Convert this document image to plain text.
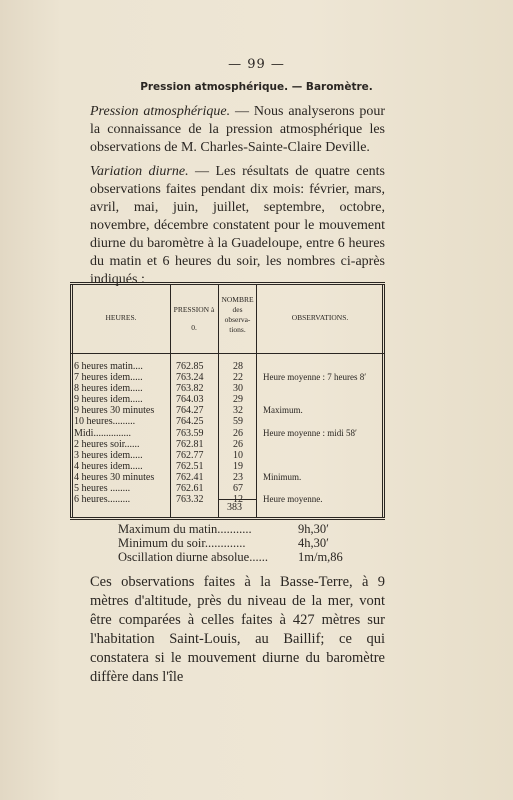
— 99 —
Pression atmosphérique. — Baromètre.
Pression atmosphérique. — Nous analyserons pour la connaissance de la pression atmosphérique les observations de M. Charles-Sainte-Claire Deville.
Variation diurne. — Les résultats de quatre cents observations faites pendant dix mois: février, mars, avril, mai, juin, juillet, septembre, octobre, novembre, décembre constatent pour le mouvement diurne du baromètre à la Guadeloupe, entre 6 heures du matin et 6 heures du soir, les nombres ci-après indiqués :
HEURES.
PRESSION à 0.
NOMBRE des observa- tions.
OBSERVATIONS.
6 heures matin....
7 heures idem.....
8 heures idem.....
9 heures idem.....
9 heures 30 minutes
10 heures.........
Midi...............
2 heures soir......
3 heures idem.....
4 heures idem.....
4 heures 30 minutes
5 heures ........
6 heures.........
762.85
763.24
763.82
764.03
764.27
764.25
763.59
762.81
762.77
762.51
762.41
762.61
763.32
28
22
30
29
32
59
26
26
10
19
23
67
12

Heure moyenne : 7 heures 8′

Maximum.

Heure moyenne : midi 58′

Minimum.

Heure moyenne.
383
Maximum du matin...........	9h,30′
Minimum du soir.............	4h,30′
Oscillation diurne absolue...... 1m/m,86
Ces observations faites à la Basse-Terre, à 9 mètres d'altitude, près du niveau de la mer, vont être comparées à celles faites à 427 mètres sur l'habitation Saint-Louis, au Baillif; ce qui constatera si le mouvement diurne du baromètre diffère dans l'île
